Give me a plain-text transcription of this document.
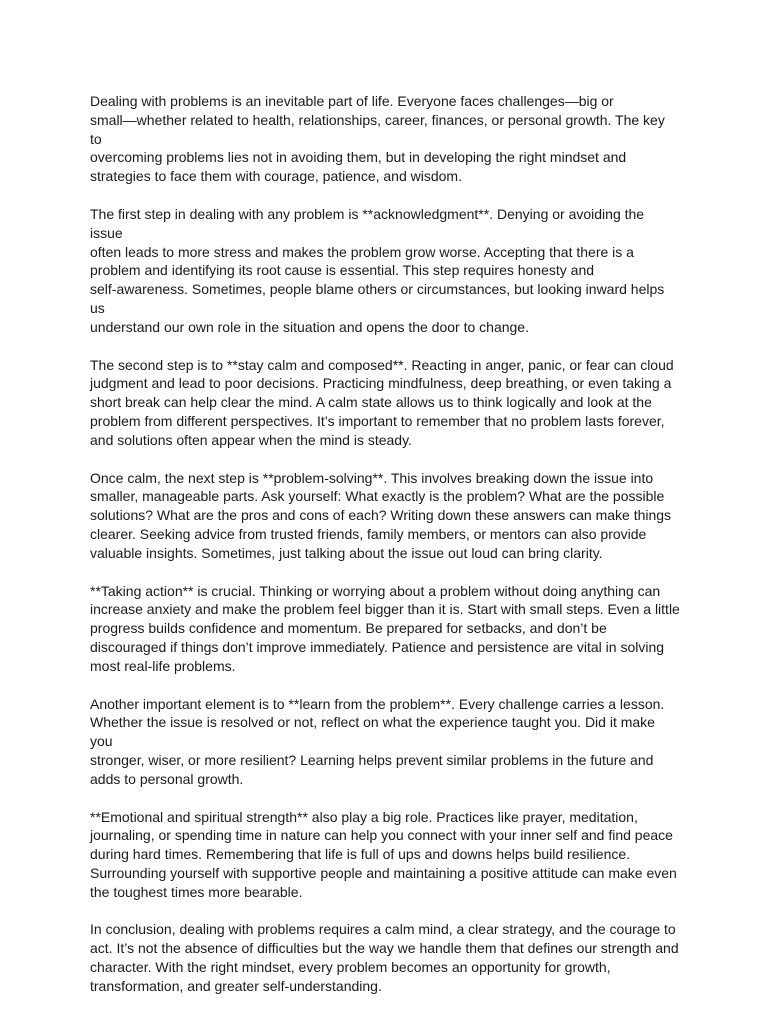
Dealing with problems is an inevitable part of life. Everyone faces challenges—big or
small—whether related to health, relationships, career, finances, or personal growth. The key to
overcoming problems lies not in avoiding them, but in developing the right mindset and
strategies to face them with courage, patience, and wisdom.

The first step in dealing with any problem is **acknowledgment**. Denying or avoiding the issue
often leads to more stress and makes the problem grow worse. Accepting that there is a
problem and identifying its root cause is essential. This step requires honesty and
self-awareness. Sometimes, people blame others or circumstances, but looking inward helps us
understand our own role in the situation and opens the door to change.

The second step is to **stay calm and composed**. Reacting in anger, panic, or fear can cloud
judgment and lead to poor decisions. Practicing mindfulness, deep breathing, or even taking a
short break can help clear the mind. A calm state allows us to think logically and look at the
problem from different perspectives. It’s important to remember that no problem lasts forever,
and solutions often appear when the mind is steady.

Once calm, the next step is **problem-solving**. This involves breaking down the issue into
smaller, manageable parts. Ask yourself: What exactly is the problem? What are the possible
solutions? What are the pros and cons of each? Writing down these answers can make things
clearer. Seeking advice from trusted friends, family members, or mentors can also provide
valuable insights. Sometimes, just talking about the issue out loud can bring clarity.

**Taking action** is crucial. Thinking or worrying about a problem without doing anything can
increase anxiety and make the problem feel bigger than it is. Start with small steps. Even a little
progress builds confidence and momentum. Be prepared for setbacks, and don’t be
discouraged if things don’t improve immediately. Patience and persistence are vital in solving
most real-life problems.

Another important element is to **learn from the problem**. Every challenge carries a lesson.
Whether the issue is resolved or not, reflect on what the experience taught you. Did it make you
stronger, wiser, or more resilient? Learning helps prevent similar problems in the future and
adds to personal growth.

**Emotional and spiritual strength** also play a big role. Practices like prayer, meditation,
journaling, or spending time in nature can help you connect with your inner self and find peace
during hard times. Remembering that life is full of ups and downs helps build resilience.
Surrounding yourself with supportive people and maintaining a positive attitude can make even
the toughest times more bearable.

In conclusion, dealing with problems requires a calm mind, a clear strategy, and the courage to
act. It’s not the absence of difficulties but the way we handle them that defines our strength and
character. With the right mindset, every problem becomes an opportunity for growth,
transformation, and greater self-understanding.
